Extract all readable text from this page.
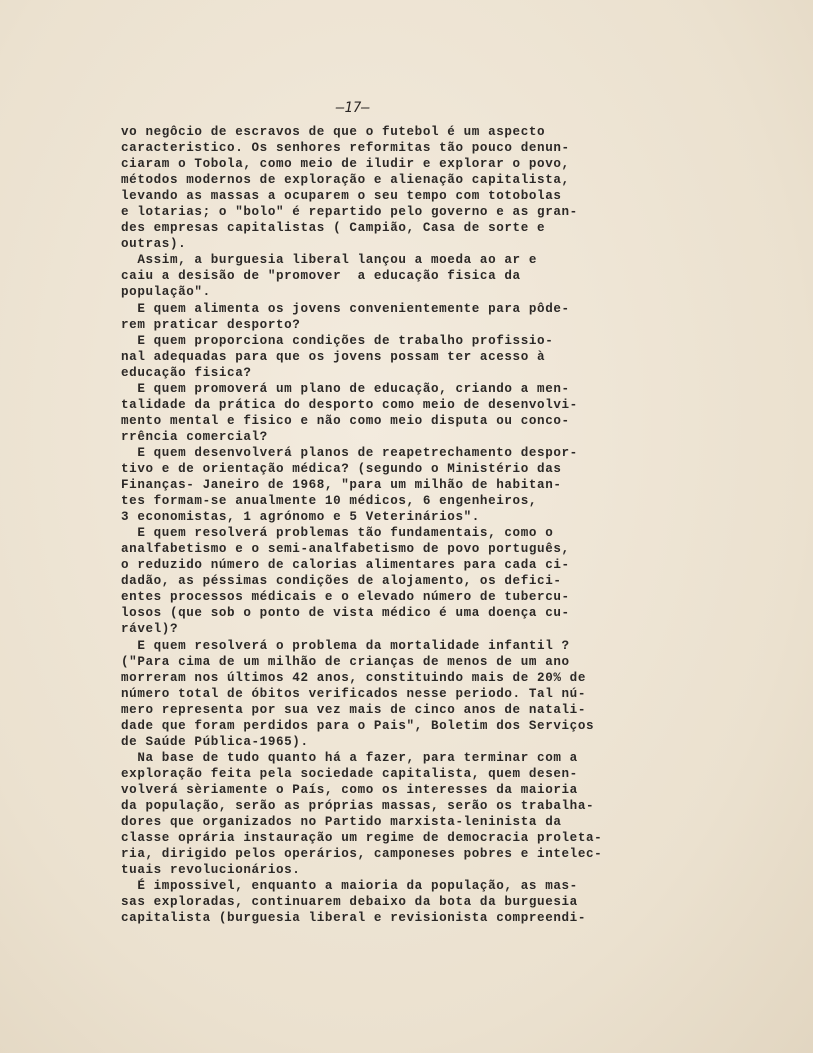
—17—
vo negôcio de escravos de que o futebol é um aspecto
caracteristico. Os senhores reformitas tão pouco denun-
ciaram o Tobola, como meio de iludir e explorar o povo,
métodos modernos de exploração e alienação capitalista,
levando as massas a ocuparem o seu tempo com totobolas
e lotarias; o "bolo" é repartido pelo governo e as gran-
des empresas capitalistas ( Campião, Casa de sorte e
outras).
Assim, a burguesia liberal lançou a moeda ao ar e
caiu a desisão de "promover  a educação fisica da
população".
E quem alimenta os jovens convenientemente para pôde-
rem praticar desporto?
E quem proporciona condições de trabalho profissio-
nal adequadas para que os jovens possam ter acesso à
educação fisica?
E quem promoverá um plano de educação, criando a men-
talidade da prática do desporto como meio de desenvolvi-
mento mental e fisico e não como meio disputa ou conco-
rrência comercial?
E quem desenvolverá planos de reapetrechamento despor-
tivo e de orientação médica? (segundo o Ministério das
Finanças- Janeiro de 1968, "para um milhão de habitan-
tes formam-se anualmente 10 médicos, 6 engenheiros,
3 economistas, 1 agrónomo e 5 Veterinários".
E quem resolverá problemas tão fundamentais, como o
analfabetismo e o semi-analfabetismo de povo português,
o reduzido número de calorias alimentares para cada ci-
dadão, as péssimas condições de alojamento, os defici-
entes processos médicais e o elevado número de tubercu-
losos (que sob o ponto de vista médico é uma doença cu-
rável)?
E quem resolverá o problema da mortalidade infantil ?
("Para cima de um milhão de crianças de menos de um ano
morreram nos últimos 42 anos, constituindo mais de 20% de
número total de óbitos verificados nesse periodo. Tal nú-
mero representa por sua vez mais de cinco anos de natali-
dade que foram perdidos para o Pais", Boletim dos Serviços
de Saúde Pública-1965).
Na base de tudo quanto há a fazer, para terminar com a
exploração feita pela sociedade capitalista, quem desen-
volverá sèriamente o País, como os interesses da maioria
da população, serão as próprias massas, serão os trabalha-
dores que organizados no Partido marxista-leninista da
classe oprária instauração um regime de democracia proleta-
ria, dirigido pelos operários, camponeses pobres e intelec-
tuais revolucionários.
É impossivel, enquanto a maioria da população, as mas-
sas exploradas, continuarem debaixo da bota da burguesia
capitalista (burguesia liberal e revisionista compreendi-
